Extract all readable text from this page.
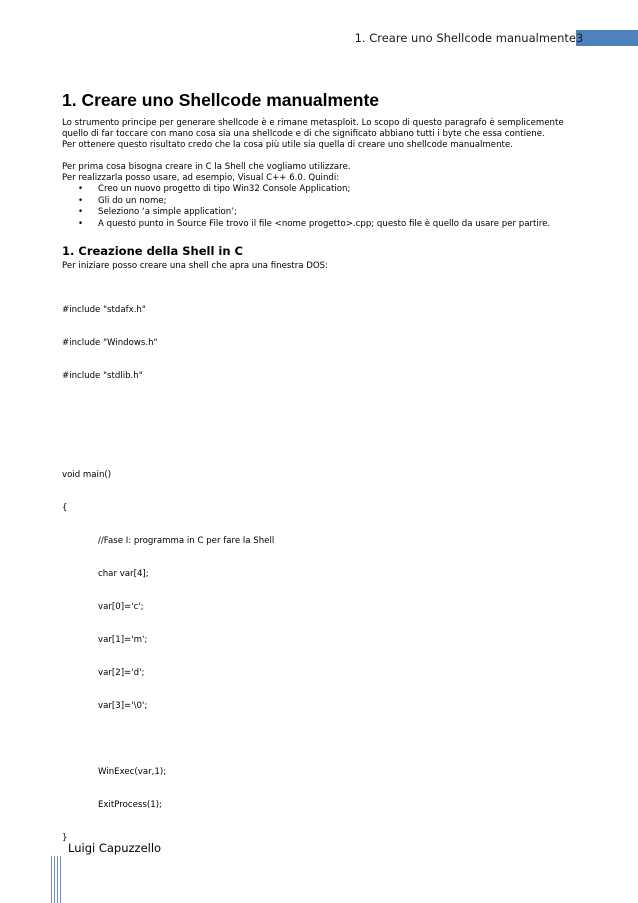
1. Creare uno Shellcode manualmente 3
1. Creare uno Shellcode manualmente

Lo strumento principe per generare shellcode è e rimane metasploit. Lo scopo di questo paragrafo è semplicemente

quello di far toccare con mano cosa sia una shellcode e di che significato abbiano tutti i byte che essa contiene.

Per ottenere questo risultato credo che la cosa più utile sia quella di creare uno shellcode manualmente.

Per prima cosa bisogna creare in C la Shell che vogliamo utilizzare.

Per realizzarla posso usare, ad esempio, Visual C++ 6.0. Quindi:

• Creo un nuovo progetto di tipo Win32 Console Application;
• Gli do un nome;
• Seleziono ‘a simple application’;
• A questo punto in Source File trovo il file <nome progetto>.cpp; questo file è quello da usare per partire.
1. Creazione della Shell in C

Per iniziare posso creare una shell che apra una finestra DOS:

#include "stdafx.h"

#include "Windows.h"

#include "stdlib.h"

void main()

{

//Fase I: programma in C per fare la Shell

char var[4];

var[0]='c';

var[1]='m';

var[2]='d';

var[3]='\0';

WinExec(var,1);

ExitProcess(1);

}

Luigi Capuzzello
